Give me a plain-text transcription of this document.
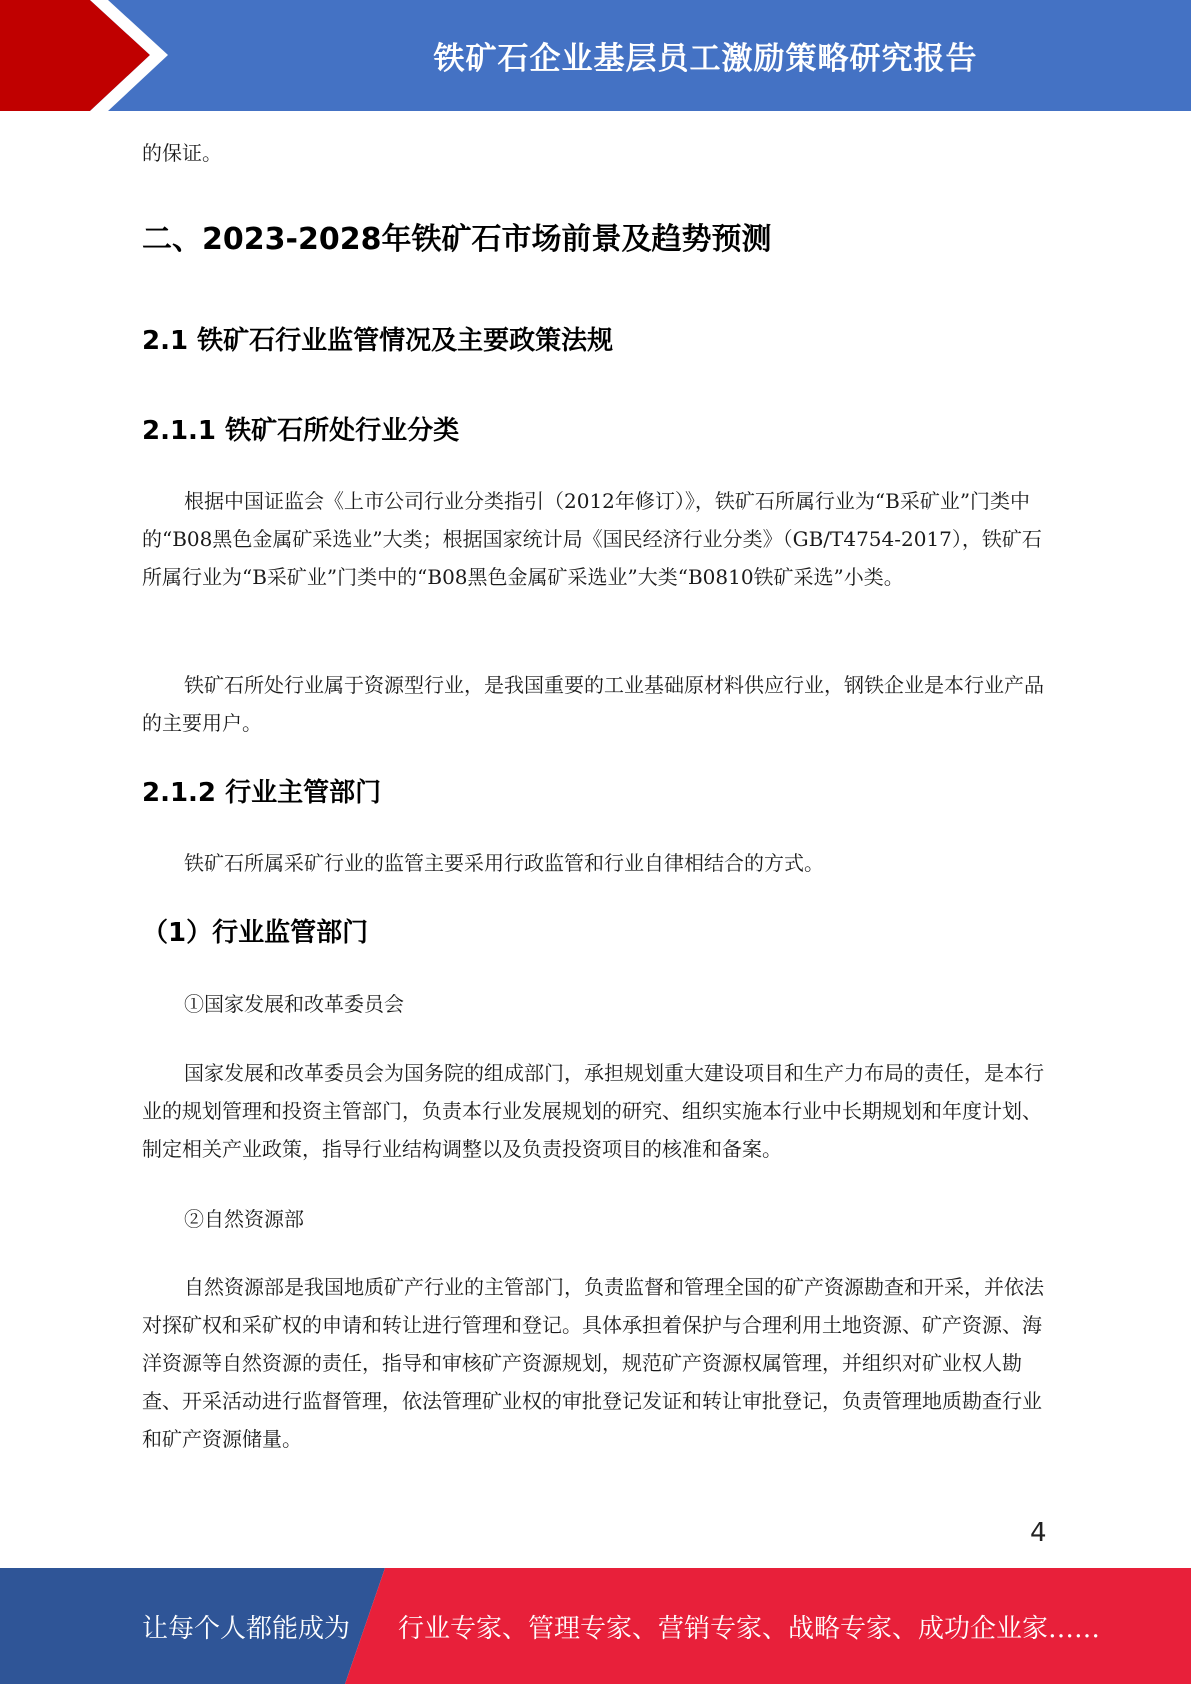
铁矿石企业基层员工激励策略研究报告

的保证。

二、2023-2028年铁矿石市场前景及趋势预测
2.1 铁矿石行业监管情况及主要政策法规
2.1.1 铁矿石所处行业分类

根据中国证监会《上市公司行业分类指引（2012年修订）》，铁矿石所属行业为“B采矿业”门类中的“B08黑色金属矿采选业”大类；根据国家统计局《国民经济行业分类》（GB/T4754-2017），铁矿石所属行业为“B采矿业”门类中的“B08黑色金属矿采选业”大类“B0810铁矿采选”小类。

铁矿石所处行业属于资源型行业，是我国重要的工业基础原材料供应行业，钢铁企业是本行业产品的主要用户。

2.1.2 行业主管部门

铁矿石所属采矿行业的监管主要采用行政监管和行业自律相结合的方式。

（1）行业监管部门

①国家发展和改革委员会

国家发展和改革委员会为国务院的组成部门，承担规划重大建设项目和生产力布局的责任，是本行业的规划管理和投资主管部门，负责本行业发展规划的研究、组织实施本行业中长期规划和年度计划、制定相关产业政策，指导行业结构调整以及负责投资项目的核准和备案。

②自然资源部

自然资源部是我国地质矿产行业的主管部门，负责监督和管理全国的矿产资源勘查和开采，并依法对探矿权和采矿权的申请和转让进行管理和登记。具体承担着保护与合理利用土地资源、矿产资源、海洋资源等自然资源的责任，指导和审核矿产资源规划，规范矿产资源权属管理，并组织对矿业权人勘查、开采活动进行监督管理，依法管理矿业权的审批登记发证和转让审批登记，负责管理地质勘查行业和矿产资源储量。

4
让每个人都能成为 行业专家、管理专家、营销专家、战略专家、成功企业家……
